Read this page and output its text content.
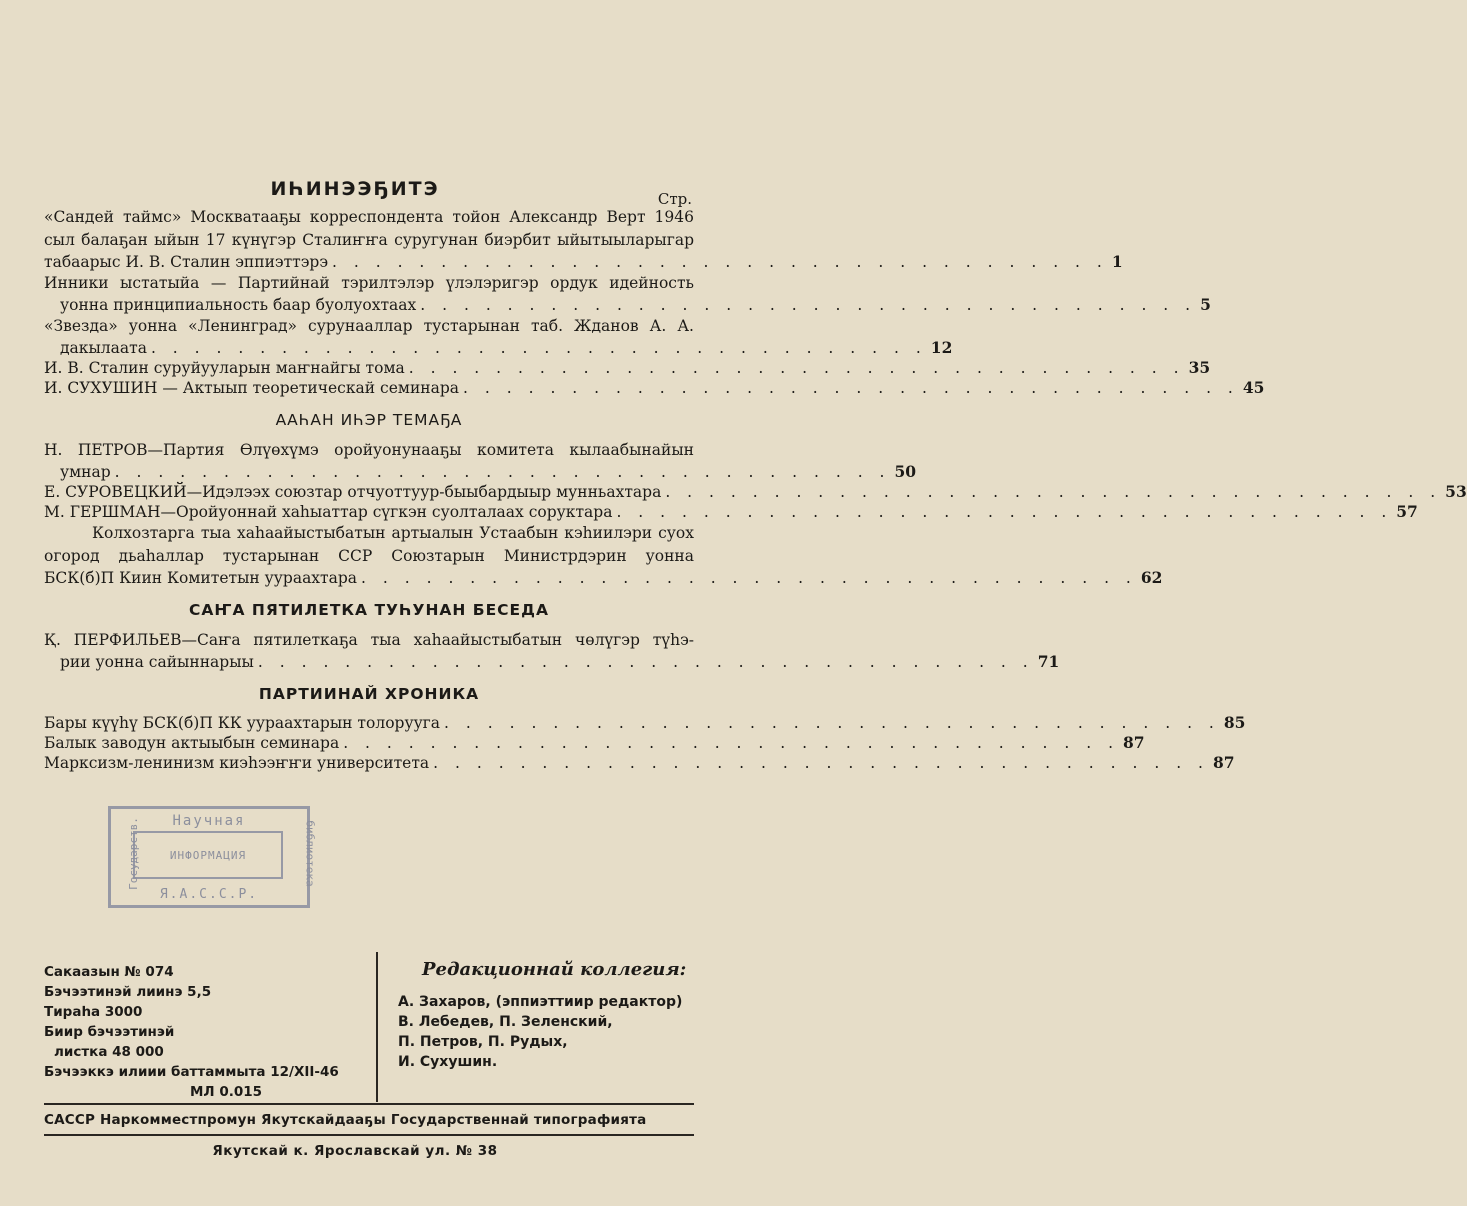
ИҺИНЭЭҔИТЭ	Стр.
«Сандей таймс» Москватааҕы корреспондента тойон Александр Верт 1946
сыл балаҕан ыйын 17 күнүгэр Сталиҥҥа суругунан биэрбит ыйытыыларыгар
табаарыс И. В. Сталин эппиэттэрэ . . . . . . . . . . . . . . . . . . . . . . . . . . . . . . . . . . . . 1
Инники ыстатыйа — Партийнай тэрилтэлэр үлэлэригэр ордук идейность
уонна принципиальность баар буолуохтаах . . . . . . . . . . . . . . . . . . . . . . . . . . . . . . . . . . . . 5
«Звезда» уонна «Ленинград» сурунааллар тустарынан таб. Жданов А. А.
дакылаата . . . . . . . . . . . . . . . . . . . . . . . . . . . . . . . . . . . . 12
И. В. Сталин суруйууларын маҥнайгы тома . . . . . . . . . . . . . . . . . . . . . . . . . . . . . . . . . . . . 35
И. СУХУШИН — Актыып теоретическай семинара . . . . . . . . . . . . . . . . . . . . . . . . . . . . . . . . . . . . 45
ААҺАН ИҺЭР ТЕМАҔА
Н. ПЕТРОВ—Партия Өлүөхүмэ оройуонунааҕы комитета кылаабынайын
умнар . . . . . . . . . . . . . . . . . . . . . . . . . . . . . . . . . . . . 50
Е. СУРОВЕЦКИЙ—Идэлээх союзтар отчуоттуур-быыбардыыр мунньахтара . . . . . . . . . . . . . . . . . . . . . . . . . . . . . . . . . . . . 53
М. ГЕРШМАН—Оройуоннай хаһыаттар сүгкэн суолталаах соруктара . . . . . . . . . . . . . . . . . . . . . . . . . . . . . . . . . . . . 57
Колхозтарга тыа хаһаайыстыбатын артыалын Устаабын кэһиилэри суох
огород дьаһаллар тустарынан ССР Союзтарын Министрдэрин уонна
БСК(б)П Киин Комитетын уураахтара . . . . . . . . . . . . . . . . . . . . . . . . . . . . . . . . . . . . 62
САҤА ПЯТИЛЕТКА ТУҺУНАН БЕСЕДА
Қ. ПЕРФИЛЬЕВ—Саҥа пятилеткаҕа тыа хаһаайыстыбатын чөлүгэр түһэ-
рии уонна сайыннарыы . . . . . . . . . . . . . . . . . . . . . . . . . . . . . . . . . . . . 71
ПАРТИИНАЙ ХРОНИКА
Бары күүһү БСК(б)П КК уураахтарын толорууга . . . . . . . . . . . . . . . . . . . . . . . . . . . . . . . . . . . . 85
Балык заводун актыыбын семинара . . . . . . . . . . . . . . . . . . . . . . . . . . . . . . . . . . . . 87
Марксизм-ленинизм киэһээҥҥи университета . . . . . . . . . . . . . . . . . . . . . . . . . . . . . . . . . . . . 87
Научная
ИНФОРМАЦИЯ
Я.А.С.С.Р.
Государств.	библиотека
Сакаазын № 074
Бэчээтинэй лиинэ 5,5
Тираһа 3000
Биир бэчээтинэй
листка 48 000
Бэчээккэ илиии баттаммыта 12/XII-46
МЛ 0.015
Редакционнай коллегия:
А. Захаров, (эппиэттиир редактор)
В. Лебедев, П. Зеленский,
П. Петров, П. Рудых,
И. Сухушин.
САССР Наркомместпромун Якутскайдааҕы Государственнай типографията
Якутскай к. Ярославскай ул. № 38
